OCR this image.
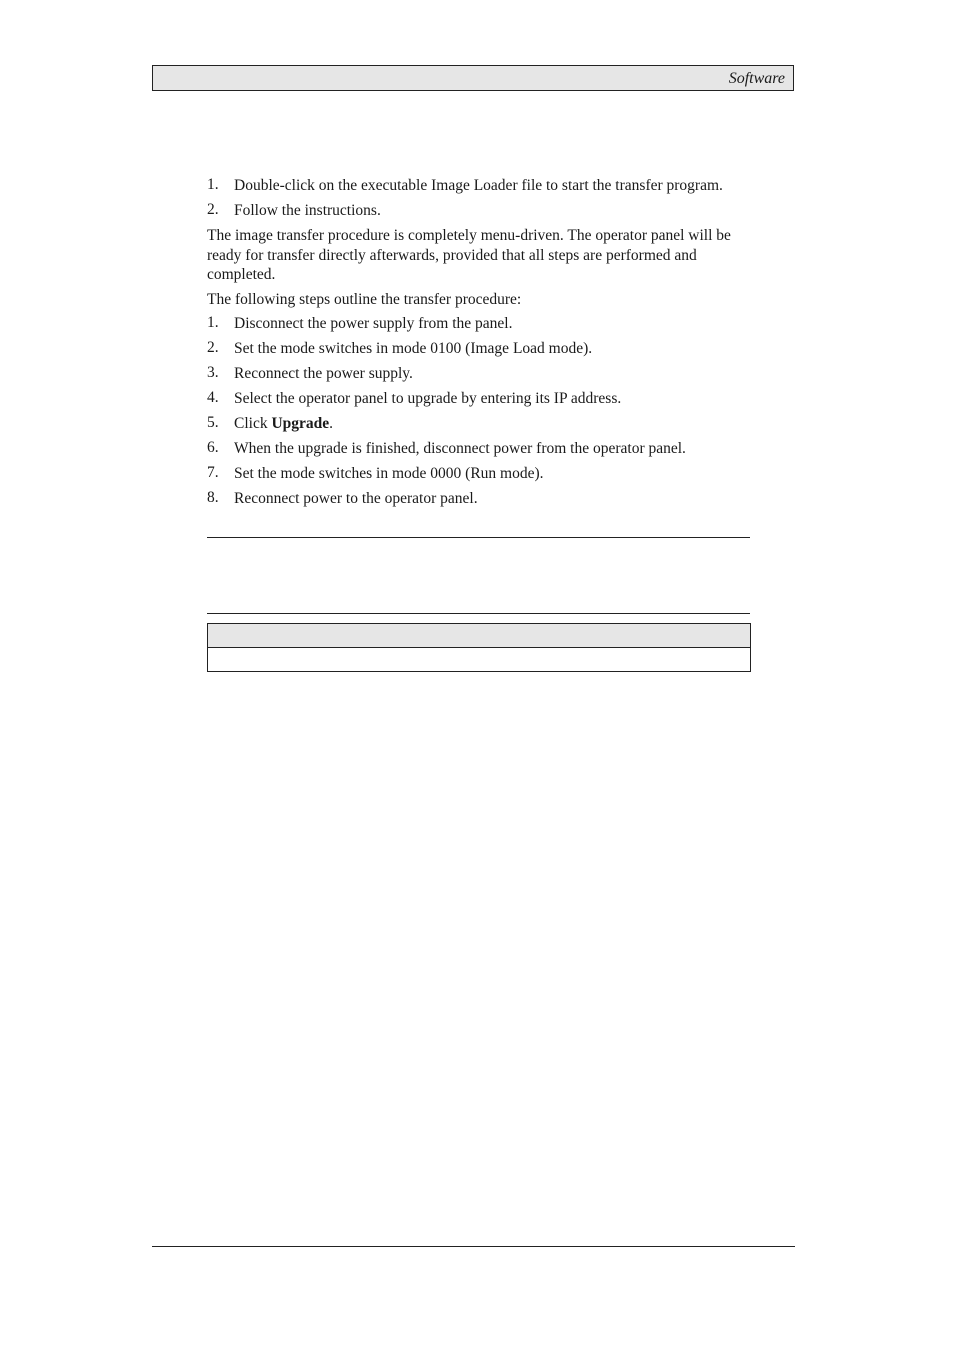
Software
1. Double-click on the executable Image Loader file to start the transfer program.
2. Follow the instructions.

The image transfer procedure is completely menu-driven. The operator panel will be ready for transfer directly afterwards, provided that all steps are performed and completed.

The following steps outline the transfer procedure:

1. Disconnect the power supply from the panel.
2. Set the mode switches in mode 0100 (Image Load mode).
3. Reconnect the power supply.
4. Select the operator panel to upgrade by entering its IP address.
5. Click Upgrade.
6. When the upgrade is finished, disconnect power from the operator panel.
7. Set the mode switches in mode 0000 (Run mode).
8. Reconnect power to the operator panel.
